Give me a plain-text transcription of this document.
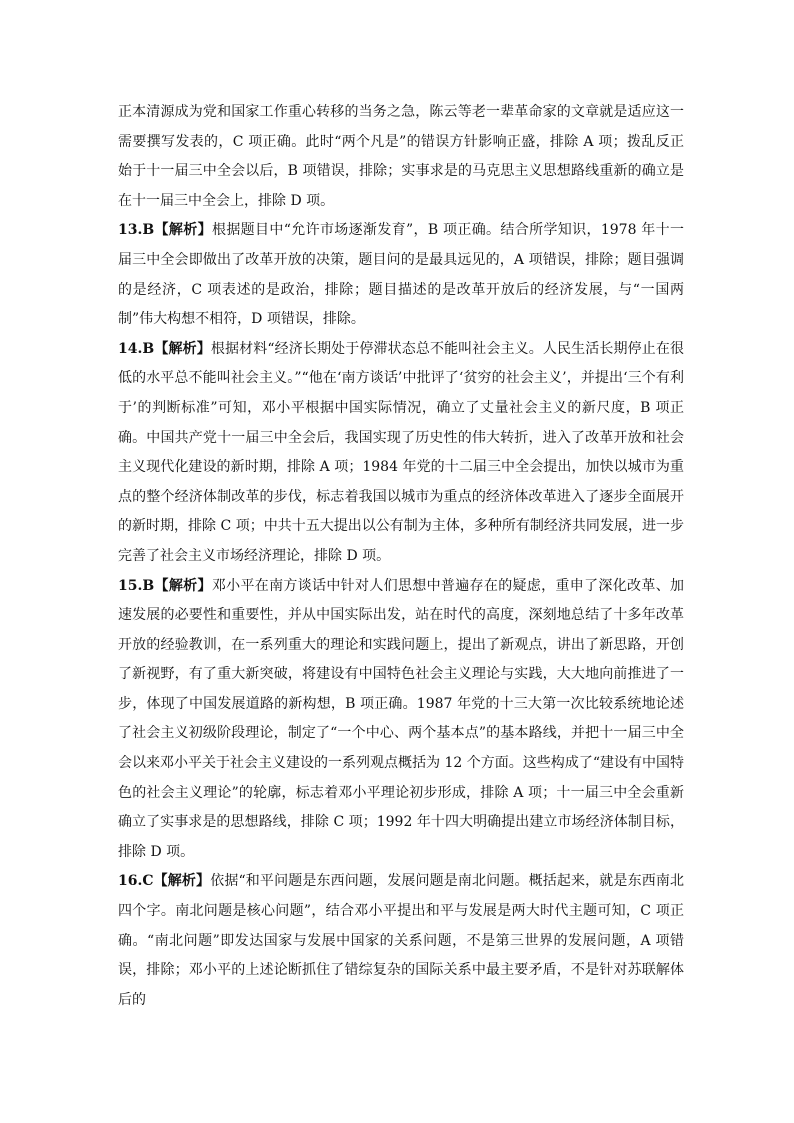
正本清源成为党和国家工作重心转移的当务之急，陈云等老一辈革命家的文章就是适应这一需要撰写发表的，C 项正确。此时“两个凡是”的错误方针影响正盛，排除 A 项；拨乱反正始于十一届三中全会以后，B 项错误，排除；实事求是的马克思主义思想路线重新的确立是在十一届三中全会上，排除 D 项。

13.B【解析】根据题目中“允许市场逐渐发育”，B 项正确。结合所学知识，1978 年十一届三中全会即做出了改革开放的决策，题目问的是最具远见的，A 项错误，排除；题目强调的是经济，C 项表述的是政治，排除；题目描述的是改革开放后的经济发展，与“一国两制”伟大构想不相符，D 项错误，排除。

14.B【解析】根据材料“经济长期处于停滞状态总不能叫社会主义。人民生活长期停止在很低的水平总不能叫社会主义。”“他在‘南方谈话’中批评了‘贫穷的社会主义’，并提出‘三个有利于’的判断标准”可知，邓小平根据中国实际情况，确立了丈量社会主义的新尺度，B 项正确。中国共产党十一届三中全会后，我国实现了历史性的伟大转折，进入了改革开放和社会主义现代化建设的新时期，排除 A 项；1984 年党的十二届三中全会提出，加快以城市为重点的整个经济体制改革的步伐，标志着我国以城市为重点的经济体改革进入了逐步全面展开的新时期，排除 C 项；中共十五大提出以公有制为主体，多种所有制经济共同发展，进一步完善了社会主义市场经济理论，排除 D 项。

15.B【解析】邓小平在南方谈话中针对人们思想中普遍存在的疑虑，重申了深化改革、加速发展的必要性和重要性，并从中国实际出发，站在时代的高度，深刻地总结了十多年改革开放的经验教训，在一系列重大的理论和实践问题上，提出了新观点，讲出了新思路，开创了新视野，有了重大新突破，将建设有中国特色社会主义理论与实践，大大地向前推进了一步，体现了中国发展道路的新构想，B 项正确。1987 年党的十三大第一次比较系统地论述了社会主义初级阶段理论，制定了“一个中心、两个基本点”的基本路线，并把十一届三中全会以来邓小平关于社会主义建设的一系列观点概括为 12 个方面。这些构成了“建设有中国特色的社会主义理论”的轮廓，标志着邓小平理论初步形成，排除 A 项；十一届三中全会重新确立了实事求是的思想路线，排除 C 项；1992 年十四大明确提出建立市场经济体制目标，排除 D 项。

16.C【解析】依据“和平问题是东西问题，发展问题是南北问题。概括起来，就是东西南北四个字。南北问题是核心问题”，结合邓小平提出和平与发展是两大时代主题可知，C 项正确。“南北问题”即发达国家与发展中国家的关系问题，不是第三世界的发展问题，A 项错误，排除；邓小平的上述论断抓住了错综复杂的国际关系中最主要矛盾，不是针对苏联解体后的
